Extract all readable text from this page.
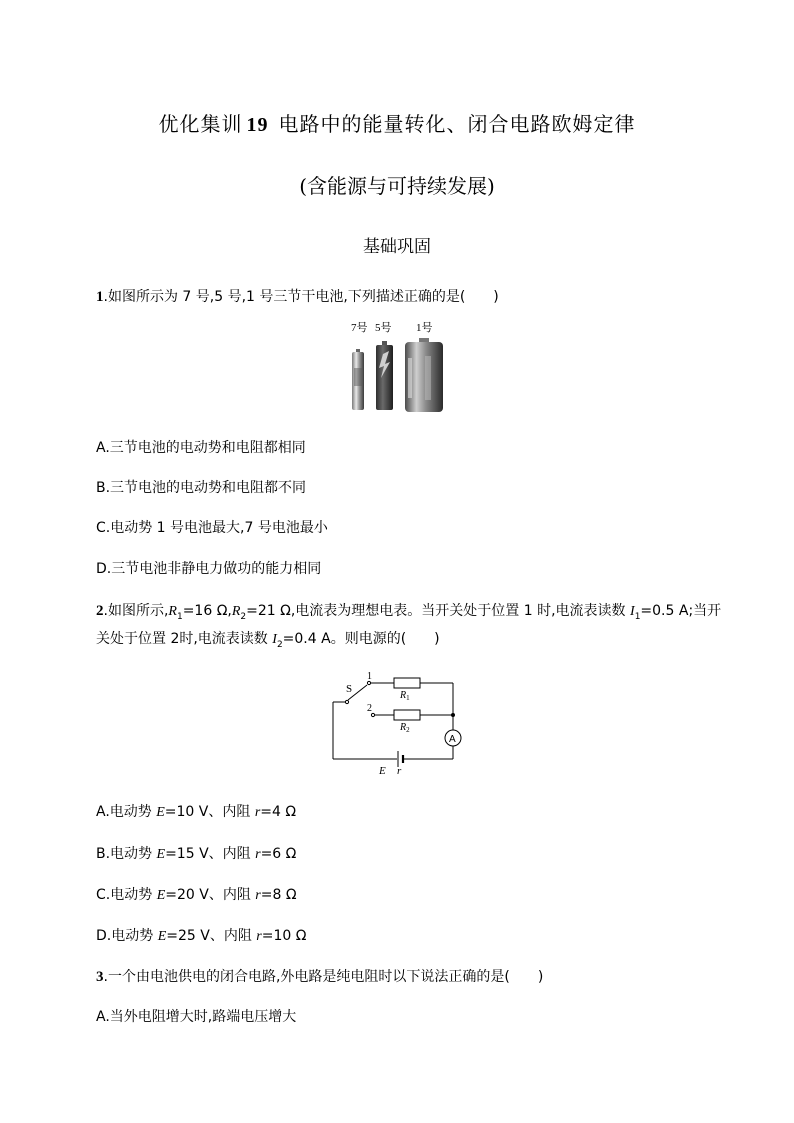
优化集训 19 电路中的能量转化、闭合电路欧姆定律
(含能源与可持续发展)
基础巩固
1.如图所示为 7 号,5 号,1 号三节干电池,下列描述正确的是(　　)
7号 5号 1号
A.三节电池的电动势和电阻都相同
B.三节电池的电动势和电阻都不同
C.电动势 1 号电池最大,7 号电池最小
D.三节电池非静电力做功的能力相同
2.如图所示$,R_1=16$ $\Omega,R_2=21$ Ω,电流表为理想电表。当开关处于位置 1 时,电流表读数 $I_1=0.5$ A;当开
关处于位置 2时,电流表读数 $I_2=0.4$ A。则电源的(　　)
S
1
2
$R_1$
$R_2$
A
E r
A.电动势 E=10 V、内阻 r=4 Ω
B.电动势 E=15 V、内阻 r=6 Ω
C.电动势 E=20 V、内阻 r=8 Ω
D.电动势 E=25 V、内阻 r=10 Ω
3.一个由电池供电的闭合电路,外电路是纯电阻时以下说法正确的是(　　)
A.当外电阻增大时,路端电压增大
